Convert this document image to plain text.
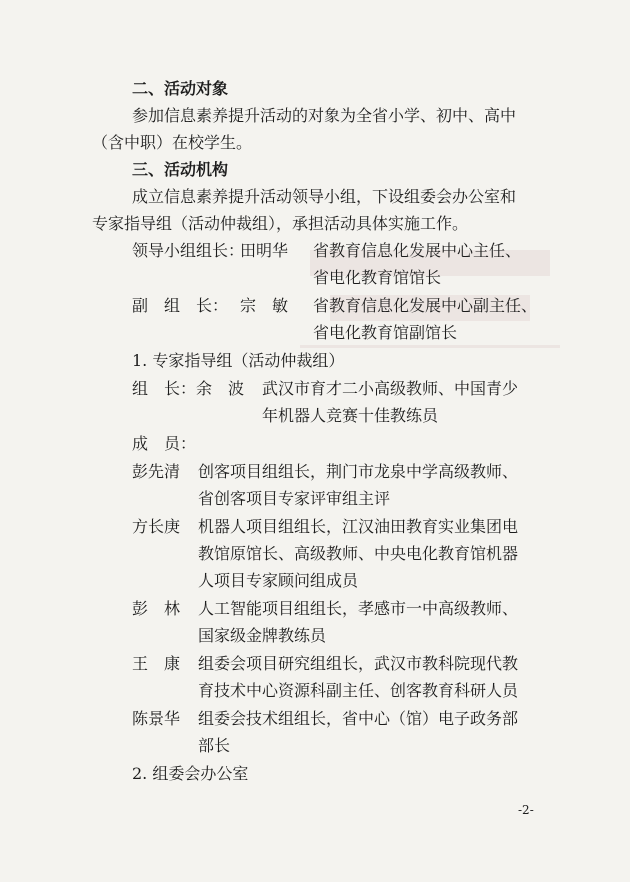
二、活动对象
参加信息素养提升活动的对象为全省小学、初中、高中
（含中职）在校学生。
三、活动机构
成立信息素养提升活动领导小组，下设组委会办公室和
专家指导组（活动仲裁组），承担活动具体实施工作。
领导小组组长：
田明华 省教育信息化发展中心主任、
省电化教育馆馆长
副　组　长： 宗　敏 省教育信息化发展中心副主任、
省电化教育馆副馆长
1. 专家指导组（活动仲裁组）
组　长： 余　波 武汉市育才二小高级教师、中国青少
年机器人竞赛十佳教练员
成　员：
彭先清 创客项目组组长，荆门市龙泉中学高级教师、
省创客项目专家评审组主评
方长庚 机器人项目组组长，江汉油田教育实业集团电
教馆原馆长、高级教师、中央电化教育馆机器
人项目专家顾问组成员
彭　林 人工智能项目组组长，孝感市一中高级教师、
国家级金牌教练员
王　康 组委会项目研究组组长，武汉市教科院现代教
育技术中心资源科副主任、创客教育科研人员
陈景华 组委会技术组组长，省中心（馆）电子政务部
部长
2. 组委会办公室
-2-
